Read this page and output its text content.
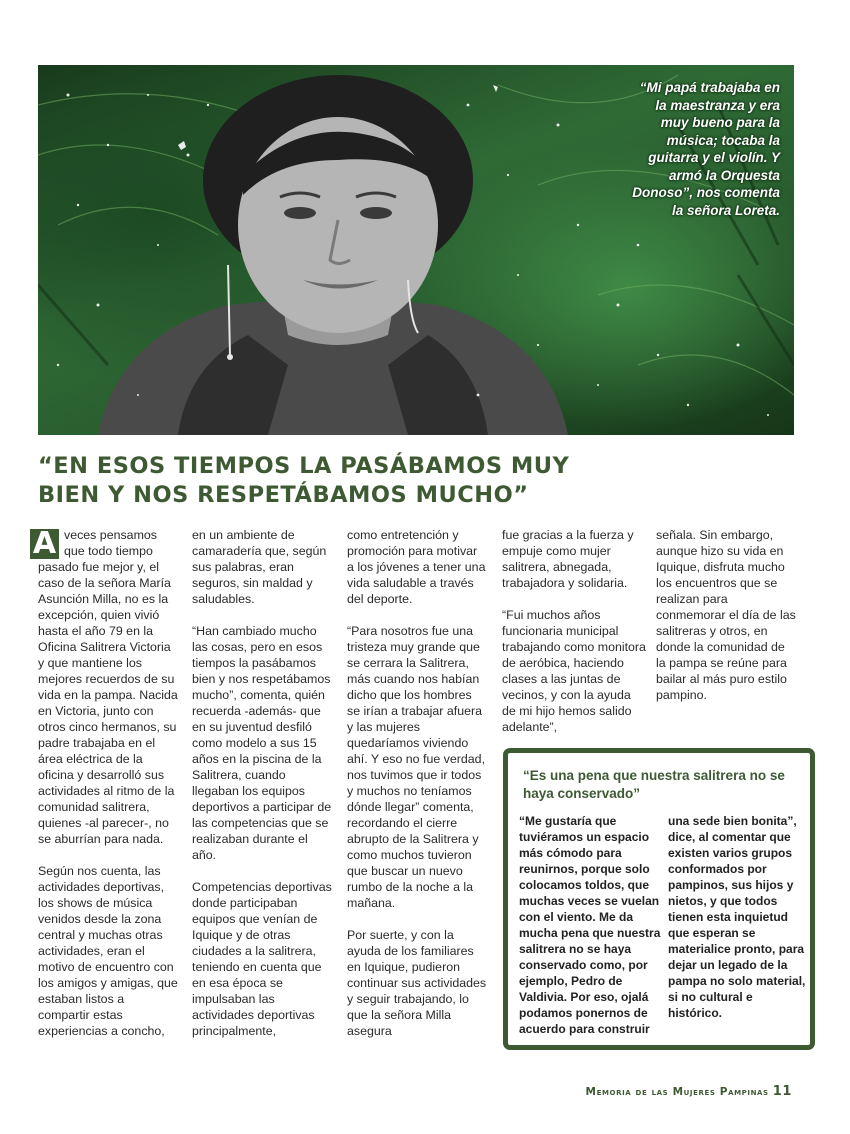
“Mi papá trabajaba en la maestranza y era muy bueno para la música; tocaba la guitarra y el violín. Y armó la Orquesta Donoso”, nos comenta la señora Loreta.

“EN ESOS TIEMPOS LA PASÁBAMOS MUY BIEN Y NOS RESPETÁBAMOS MUCHO”

A veces pensamos que todo tiempo pasado fue mejor y, el caso de la señora María Asunción Milla, no es la excepción, quien vivió hasta el año 79 en la Oficina Salitrera Victoria y que mantiene los mejores recuerdos de su vida en la pampa. Nacida en Victoria, junto con otros cinco hermanos, su padre trabajaba en el área eléctrica de la oficina y desarrolló sus actividades al ritmo de la comunidad salitrera, quienes -al parecer-, no se aburrían para nada.

Según nos cuenta, las actividades deportivas, los shows de música venidos desde la zona central y muchas otras actividades, eran el motivo de encuentro con los amigos y amigas, que estaban listos a compartir estas experiencias a concho,

en un ambiente de camaradería que, según sus palabras, eran seguros, sin maldad y saludables.

“Han cambiado mucho las cosas, pero en esos tiempos la pasábamos bien y nos respetábamos mucho”, comenta, quién recuerda -además- que en su juventud desfiló como modelo a sus 15 años en la piscina de la Salitrera, cuando llegaban los equipos deportivos a participar de las competencias que se realizaban durante el año.

Competencias deportivas donde participaban equipos que venían de Iquique y de otras ciudades a la salitrera, teniendo en cuenta que en esa época se impulsaban las actividades deportivas principalmente,

como entretención y promoción para motivar a los jóvenes a tener una vida saludable a través del deporte.

“Para nosotros fue una tristeza muy grande que se cerrara la Salitrera, más cuando nos habían dicho que los hombres se irían a trabajar afuera y las mujeres quedaríamos viviendo ahí. Y eso no fue verdad, nos tuvimos que ir todos y muchos no teníamos dónde llegar” comenta, recordando el cierre abrupto de la Salitrera y como muchos tuvieron que buscar un nuevo rumbo de la noche a la mañana.

Por suerte, y con la ayuda de los familiares en Iquique, pudieron continuar sus actividades y seguir trabajando, lo que la señora Milla asegura

fue gracias a la fuerza y empuje como mujer salitrera, abnegada, trabajadora y solidaria.

“Fui muchos años funcionaria municipal trabajando como monitora de aeróbica, haciendo clases a las juntas de vecinos, y con la ayuda de mi hijo hemos salido adelante”,

señala. Sin embargo, aunque hizo su vida en Iquique, disfruta mucho los encuentros que se realizan para conmemorar el día de las salitreras y otros, en donde la comunidad de la pampa se reúne para bailar al más puro estilo pampino.

“Es una pena que nuestra salitrera no se haya conservado”

“Me gustaría que tuviéramos un espacio más cómodo para reunirnos, porque solo colocamos toldos, que muchas veces se vuelan con el viento. Me da mucha pena que nuestra salitrera no se haya conservado como, por ejemplo, Pedro de Valdivia. Por eso, ojalá podamos ponernos de acuerdo para construir

una sede bien bonita”, dice, al comentar que existen varios grupos conformados por pampinos, sus hijos y nietos, y que todos tienen esta inquietud que esperan se materialice pronto, para dejar un legado de la pampa no solo material, si no cultural e histórico.

Memoria de las Mujeres Pampinas 11
